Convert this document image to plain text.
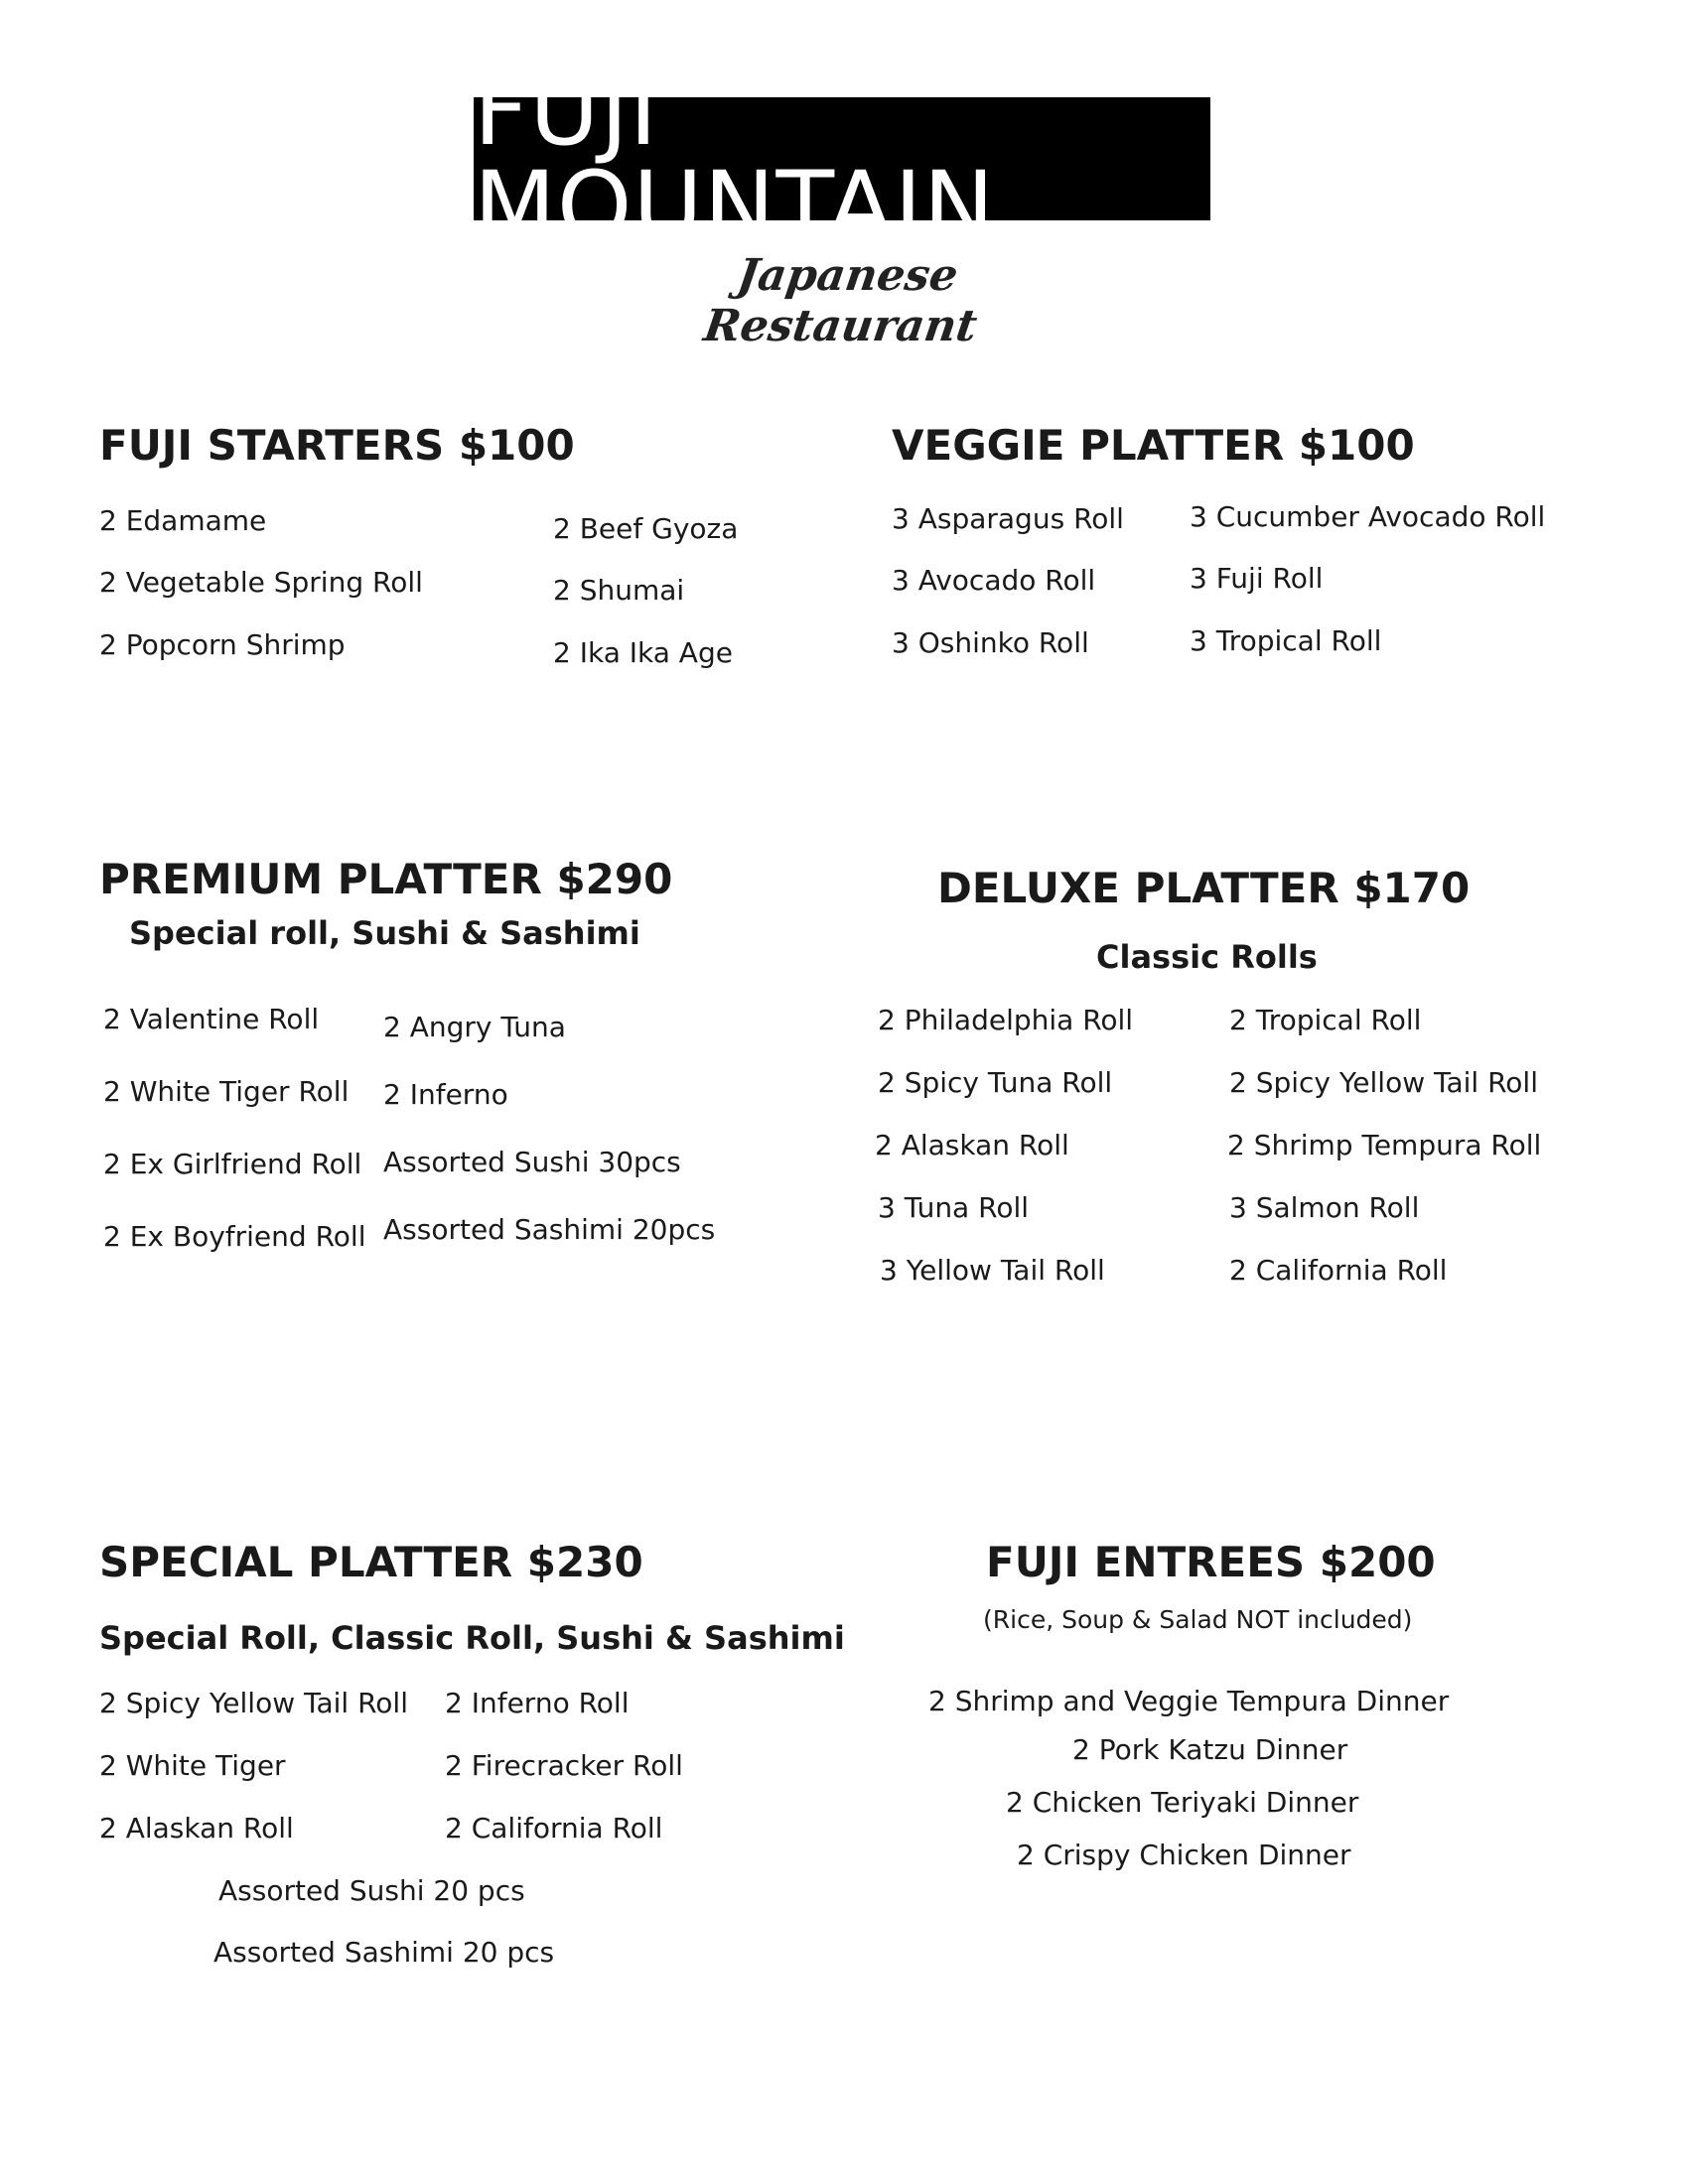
FUJI MOUNTAIN
Japanese Restaurant
FUJI STARTERS $100
2 Edamame
2 Vegetable Spring Roll
2 Popcorn Shrimp
2 Beef Gyoza
2 Shumai
2 Ika Ika Age
VEGGIE PLATTER $100
3 Asparagus Roll
3 Avocado Roll
3 Oshinko Roll
3 Cucumber Avocado Roll
3 Fuji Roll
3 Tropical Roll
PREMIUM PLATTER $290
Special roll, Sushi & Sashimi
2 Valentine Roll
2 White Tiger Roll
2 Ex Girlfriend Roll
2 Ex Boyfriend Roll
2 Angry Tuna
2 Inferno
Assorted Sushi 30pcs
Assorted Sashimi 20pcs
DELUXE PLATTER $170
Classic Rolls
2 Philadelphia Roll
2 Spicy Tuna Roll
2 Alaskan Roll
3 Tuna Roll
3 Yellow Tail Roll
2 Tropical Roll
2 Spicy Yellow Tail Roll
2 Shrimp Tempura Roll
3 Salmon Roll
2 California Roll
SPECIAL PLATTER $230
Special Roll, Classic Roll, Sushi & Sashimi
2 Spicy Yellow Tail Roll
2 White Tiger
2 Alaskan Roll
2 Inferno Roll
2 Firecracker Roll
2 California Roll
Assorted Sushi 20 pcs
Assorted Sashimi 20 pcs
FUJI ENTREES $200
(Rice, Soup & Salad NOT included)
2 Shrimp and Veggie Tempura Dinner
2 Pork Katzu Dinner
2 Chicken Teriyaki Dinner
2 Crispy Chicken Dinner
